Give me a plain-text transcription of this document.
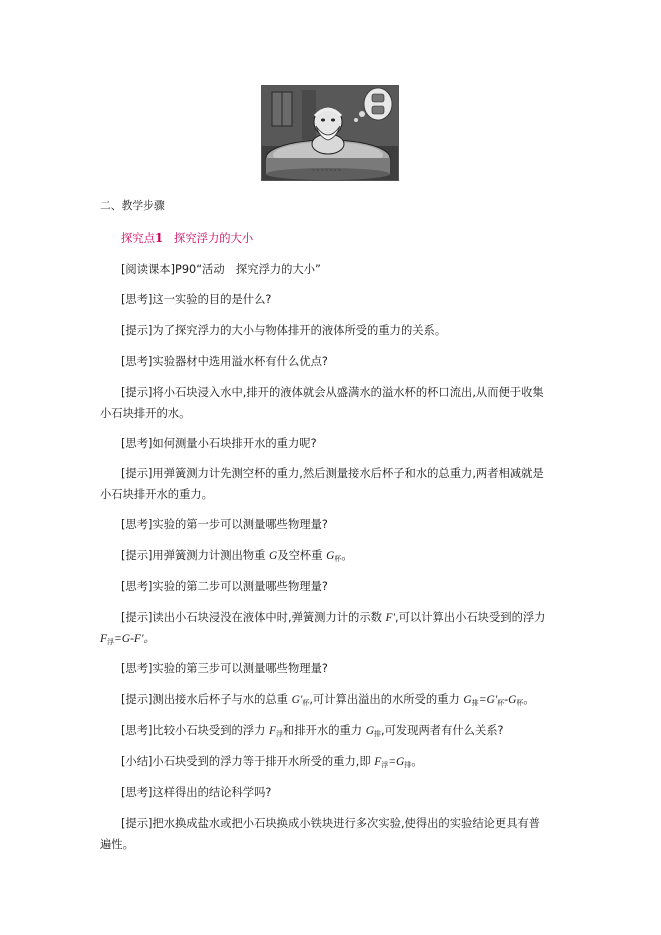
~ ~ ~ ~ ~ ~ ~
二、教学步骤
探究点1 探究浮力的大小
[阅读课本]P90“活动　探究浮力的大小”
[思考]这一实验的目的是什么?
[提示]为了探究浮力的大小与物体排开的液体所受的重力的关系。
[思考]实验器材中选用溢水杯有什么优点?
[提示]将小石块浸入水中,排开的液体就会从盛满水的溢水杯的杯口流出,从而便于收集
小石块排开的水。
[思考]如何测量小石块排开水的重力呢?
[提示]用弹簧测力计先测空杯的重力,然后测量接水后杯子和水的总重力,两者相减就是
小石块排开水的重力。
[思考]实验的第一步可以测量哪些物理量?
[提示]用弹簧测力计测出物重 G及空杯重 $G_杯$。
[思考]实验的第二步可以测量哪些物理量?
[提示]读出小石块浸没在液体中时,弹簧测力计的示数 F',可以计算出小石块受到的浮力
$F_浮=G-F'$。
[思考]实验的第三步可以测量哪些物理量?
[提示]测出接水后杯子与水的总重 $G'_杯$,可计算出溢出的水所受的重力 $G_排=G'_杯-G_杯$。
[思考]比较小石块受到的浮力 $F_浮$和排开水的重力 $G_排$,可发现两者有什么关系?
[小结]小石块受到的浮力等于排开水所受的重力,即 $F_浮=G_排$。
[思考]这样得出的结论科学吗?
[提示]把水换成盐水或把小石块换成小铁块进行多次实验,使得出的实验结论更具有普
遍性。
